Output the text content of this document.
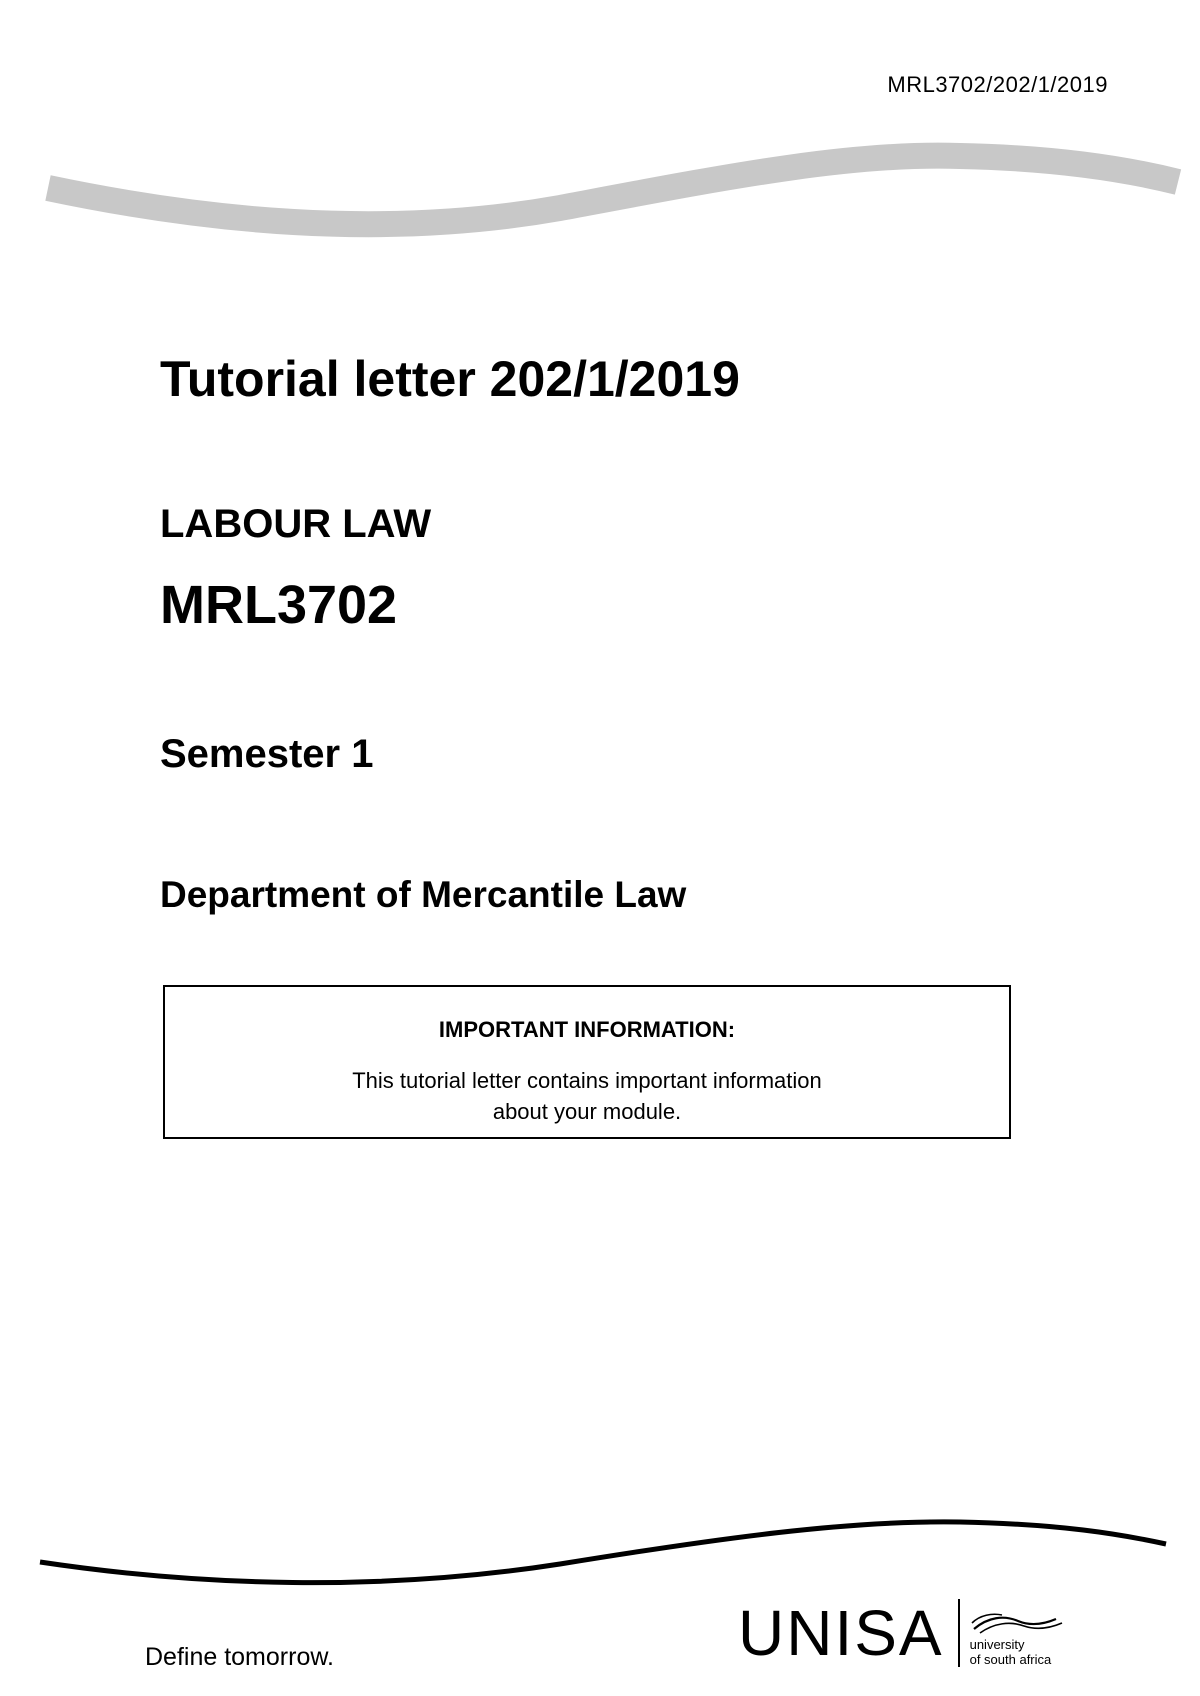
MRL3702/202/1/2019
Tutorial letter 202/1/2019
LABOUR LAW
MRL3702
Semester 1
Department of Mercantile Law
IMPORTANT INFORMATION:
This tutorial letter contains important information
about your module.
Define tomorrow.	UNISA university
of south africa
